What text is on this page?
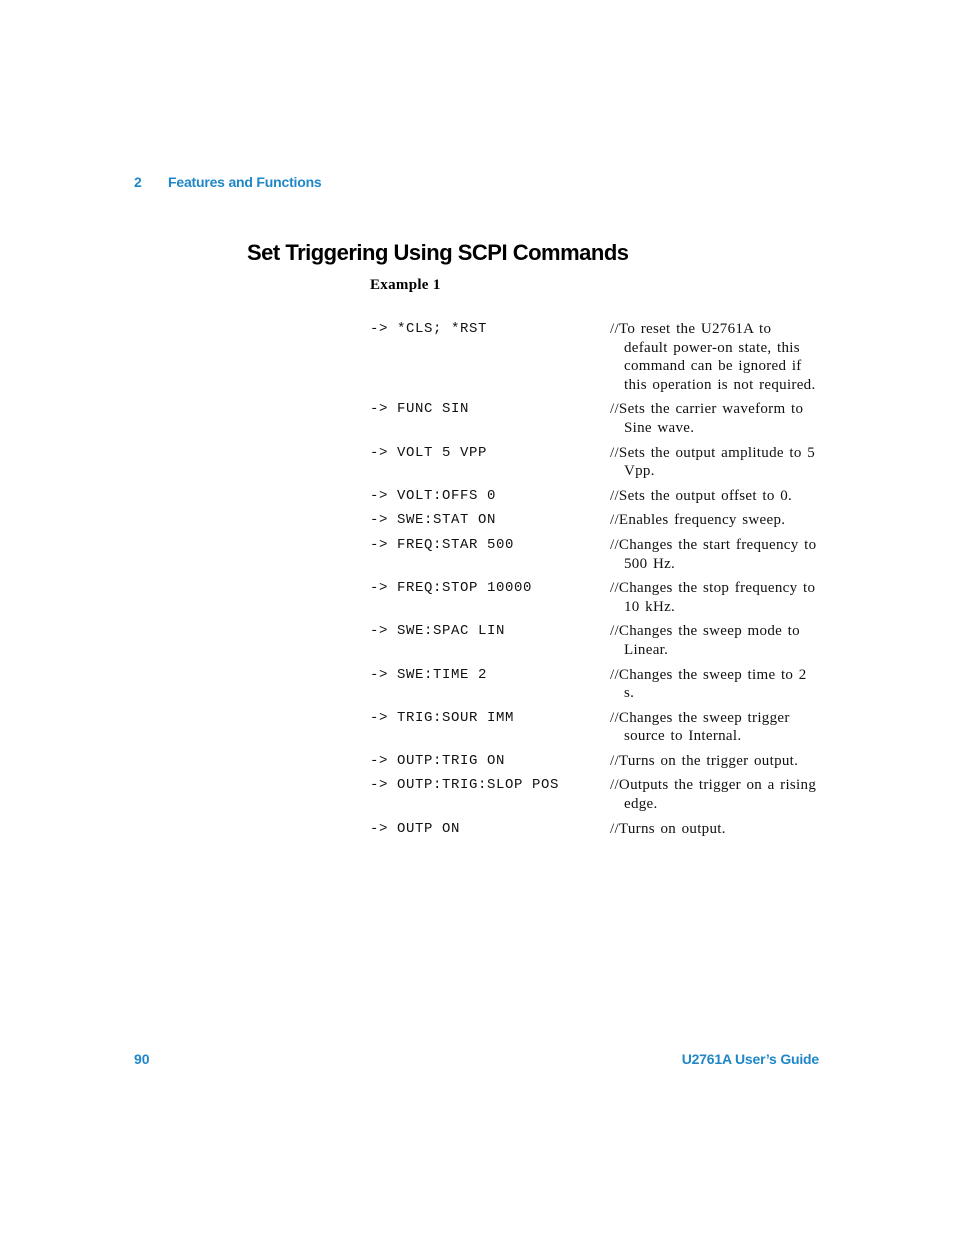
2 Features and Functions
Set Triggering Using SCPI Commands
Example 1
-> *CLS; *RST	//To reset the U2761A to default power-on state, this command can be ignored if this operation is not required.
-> FUNC SIN	//Sets the carrier waveform to Sine wave.
-> VOLT 5 VPP	//Sets the output amplitude to 5 Vpp.
-> VOLT:OFFS 0	//Sets the output offset to 0.
-> SWE:STAT ON	//Enables frequency sweep.
-> FREQ:STAR 500	//Changes the start frequency to 500 Hz.
-> FREQ:STOP 10000	//Changes the stop frequency to 10 kHz.
-> SWE:SPAC LIN	//Changes the sweep mode to Linear.
-> SWE:TIME 2	//Changes the sweep time to 2 s.
-> TRIG:SOUR IMM	//Changes the sweep trigger source to Internal.
-> OUTP:TRIG ON	//Turns on the trigger output.
-> OUTP:TRIG:SLOP POS	//Outputs the trigger on a rising edge.
-> OUTP ON	//Turns on output.
90	U2761A User’s Guide
